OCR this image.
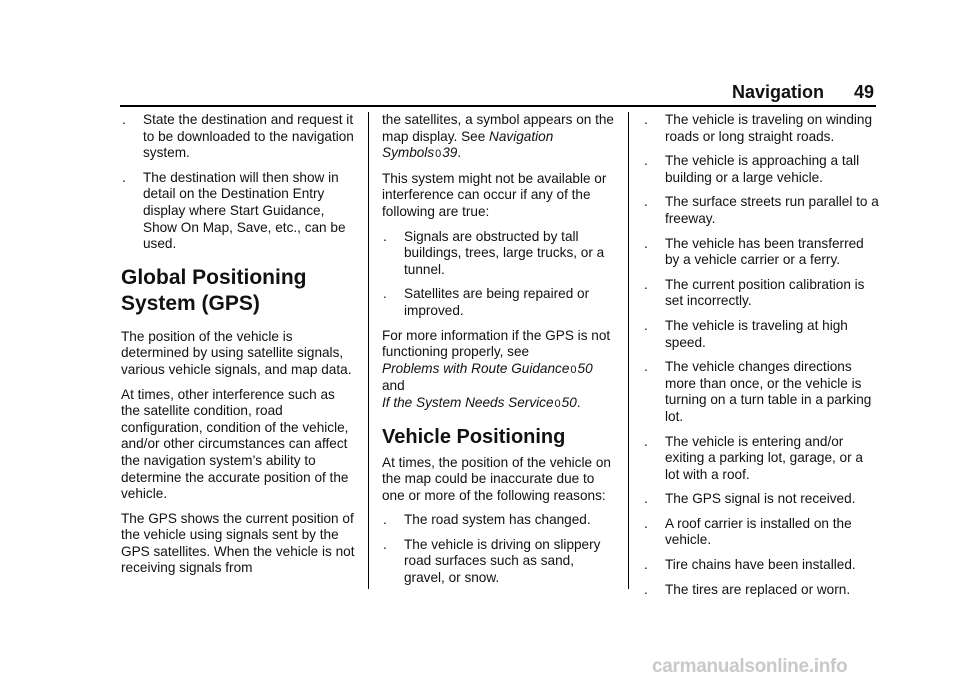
Navigation 49
. State the destination and request it to be downloaded to the navigation system.
. The destination will then show in detail on the Destination Entry display where Start Guidance, Show On Map, Save, etc., can be used.
Global Positioning System (GPS)

The position of the vehicle is determined by using satellite signals, various vehicle signals, and map data.

At times, other interference such as the satellite condition, road configuration, condition of the vehicle, and/or other circumstances can affect the navigation system’s ability to determine the accurate position of the vehicle.

The GPS shows the current position of the vehicle using signals sent by the GPS satellites. When the vehicle is not receiving signals from

the satellites, a symbol appears on the map display. See Navigation Symbols039.

This system might not be available or interference can occur if any of the following are true:

. Signals are obstructed by tall buildings, trees, large trucks, or a tunnel.
. Satellites are being repaired or improved.

For more information if the GPS is not functioning properly, see
Problems with Route Guidance050
and
If the System Needs Service050.

Vehicle Positioning

At times, the position of the vehicle on the map could be inaccurate due to one or more of the following reasons:

. The road system has changed.
. The vehicle is driving on slippery road surfaces such as sand, gravel, or snow.
. The vehicle is traveling on winding roads or long straight roads.
. The vehicle is approaching a tall building or a large vehicle.
. The surface streets run parallel to a freeway.
. The vehicle has been transferred by a vehicle carrier or a ferry.
. The current position calibration is set incorrectly.
. The vehicle is traveling at high speed.
. The vehicle changes directions more than once, or the vehicle is turning on a turn table in a parking lot.
. The vehicle is entering and/or exiting a parking lot, garage, or a lot with a roof.
. The GPS signal is not received.
. A roof carrier is installed on the vehicle.
. Tire chains have been installed.
. The tires are replaced or worn.
carmanualsonline.info
